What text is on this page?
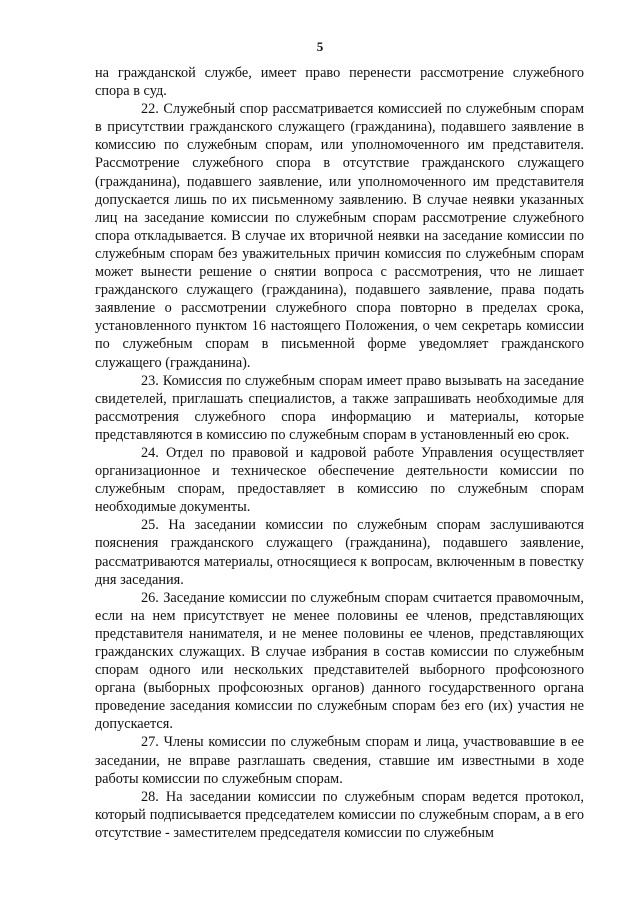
5

на гражданской службе, имеет право перенести рассмотрение служебного спора в суд.

22. Служебный спор рассматривается комиссией по служебным спорам в присутствии гражданского служащего (гражданина), подавшего заявление в комиссию по служебным спорам, или уполномоченного им представителя. Рассмотрение служебного спора в отсутствие гражданского служащего (гражданина), подавшего заявление, или уполномоченного им представителя допускается лишь по их письменному заявлению. В случае неявки указанных лиц на заседание комиссии по служебным спорам рассмотрение служебного спора откладывается. В случае их вторичной неявки на заседание комиссии по служебным спорам без уважительных причин комиссия по служебным спорам может вынести решение о снятии вопроса с рассмотрения, что не лишает гражданского служащего (гражданина), подавшего заявление, права подать заявление о рассмотрении служебного спора повторно в пределах срока, установленного пунктом 16 настоящего Положения, о чем секретарь комиссии по служебным спорам в письменной форме уведомляет гражданского служащего (гражданина).

23. Комиссия по служебным спорам имеет право вызывать на заседание свидетелей, приглашать специалистов, а также запрашивать необходимые для рассмотрения служебного спора информацию и материалы, которые представляются в комиссию по служебным спорам в установленный ею срок.

24. Отдел по правовой и кадровой работе Управления осуществляет организационное и техническое обеспечение деятельности комиссии по служебным спорам, предоставляет в комиссию по служебным спорам необходимые документы.

25. На заседании комиссии по служебным спорам заслушиваются пояснения гражданского служащего (гражданина), подавшего заявление, рассматриваются материалы, относящиеся к вопросам, включенным в повестку дня заседания.

26. Заседание комиссии по служебным спорам считается правомочным, если на нем присутствует не менее половины ее членов, представляющих представителя нанимателя, и не менее половины ее членов, представляющих гражданских служащих. В случае избрания в состав комиссии по служебным спорам одного или нескольких представителей выборного профсоюзного органа (выборных профсоюзных органов) данного государственного органа проведение заседания комиссии по служебным спорам без его (их) участия не допускается.

27. Члены комиссии по служебным спорам и лица, участвовавшие в ее заседании, не вправе разглашать сведения, ставшие им известными в ходе работы комиссии по служебным спорам.

28. На заседании комиссии по служебным спорам ведется протокол, который подписывается председателем комиссии по служебным спорам, а в его отсутствие - заместителем председателя комиссии по служебным
